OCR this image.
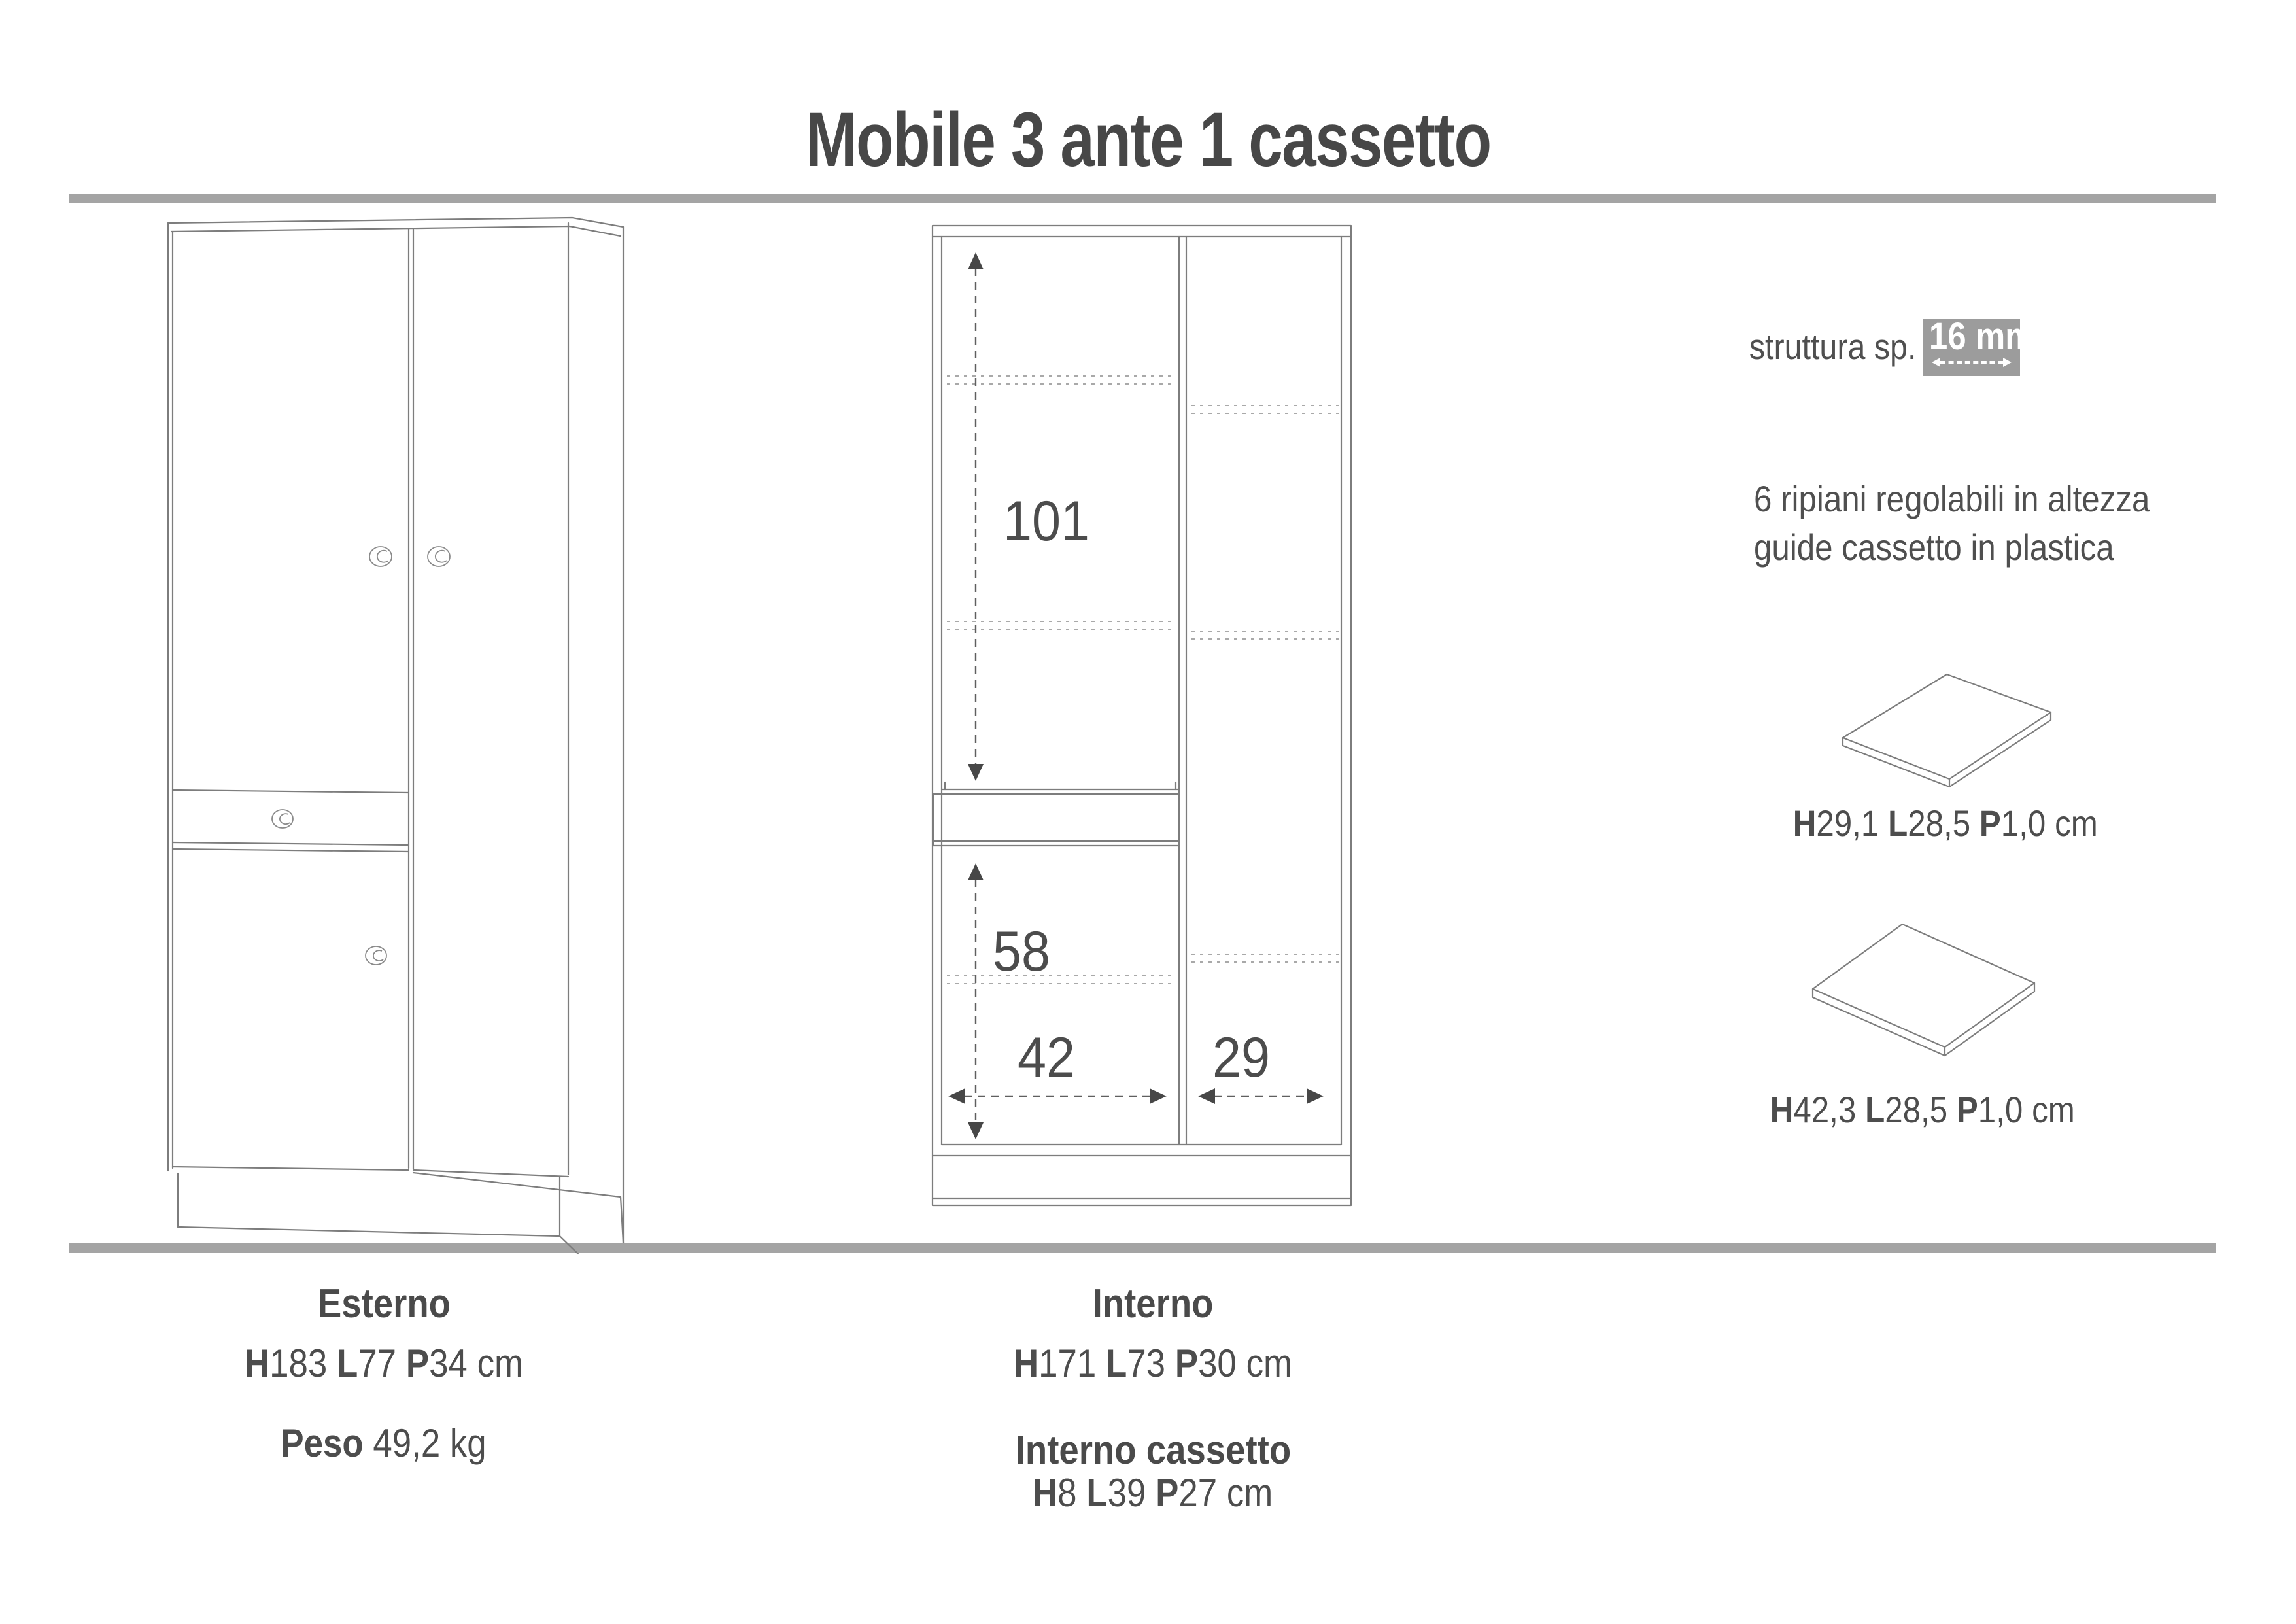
Mobile 3 ante 1 cassetto
101
58
42	29
struttura sp. 16 mm
6 ripiani regolabili in altezza
guide cassetto in plastica
H29,1 L28,5 P1,0 cm
H42,3 L28,5 P1,0 cm
Esterno
H183 L77 P34 cm
Peso 49,2 kg
Interno
H171 L73 P30 cm
Interno cassetto
H8 L39 P27 cm
